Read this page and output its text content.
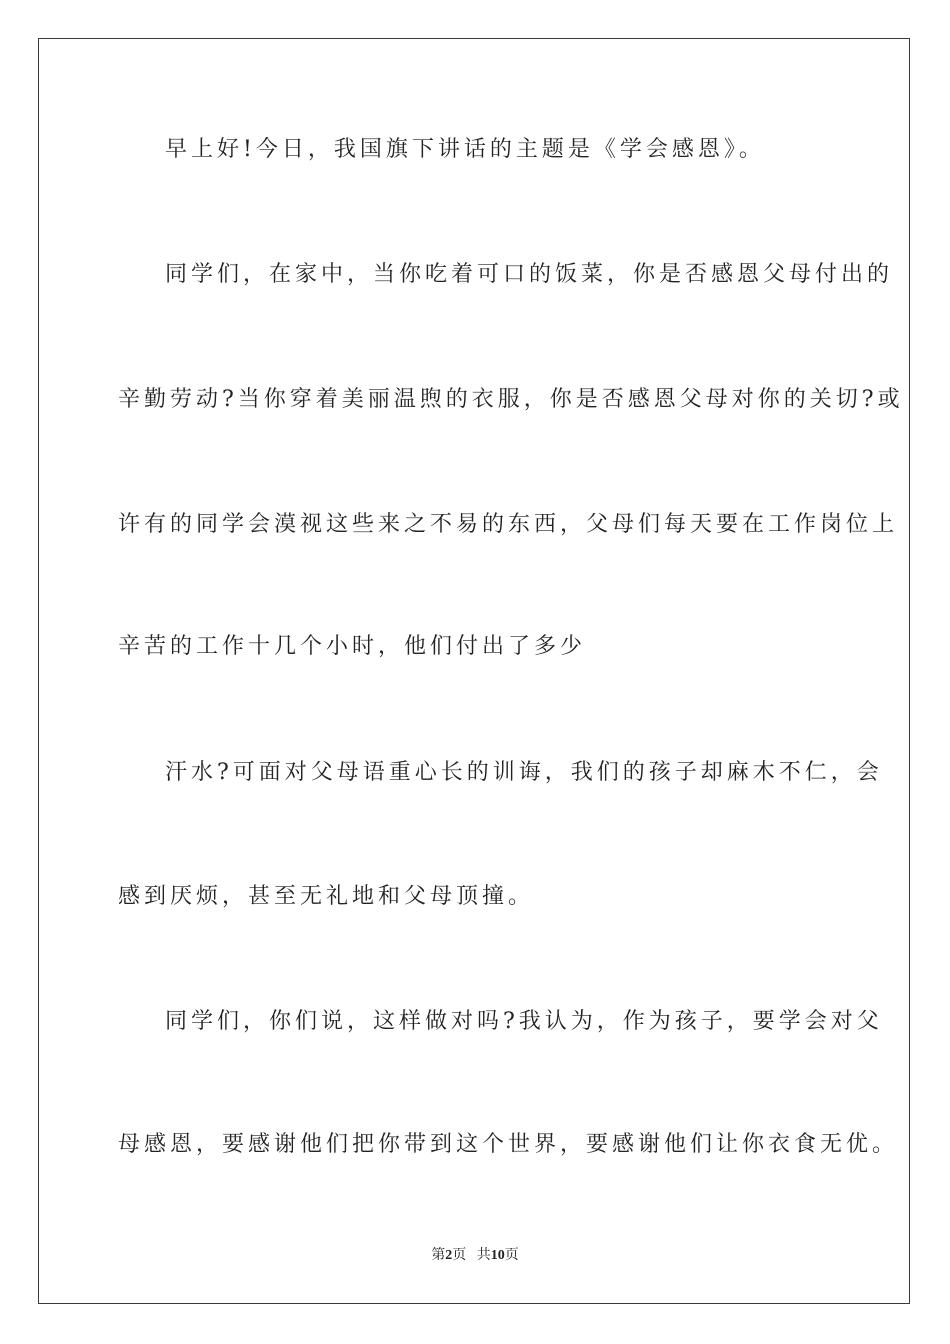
早上好!今日，我国旗下讲话的主题是《学会感恩》。
同学们，在家中，当你吃着可口的饭菜，你是否感恩父母付出的
辛勤劳动?当你穿着美丽温煦的衣服，你是否感恩父母对你的关切?或
许有的同学会漠视这些来之不易的东西，父母们每天要在工作岗位上
辛苦的工作十几个小时，他们付出了多少
汗水?可面对父母语重心长的训诲，我们的孩子却麻木不仁，会
感到厌烦，甚至无礼地和父母顶撞。
同学们，你们说，这样做对吗?我认为，作为孩子，要学会对父
母感恩，要感谢他们把你带到这个世界，要感谢他们让你衣食无优。
第2页 共10页
